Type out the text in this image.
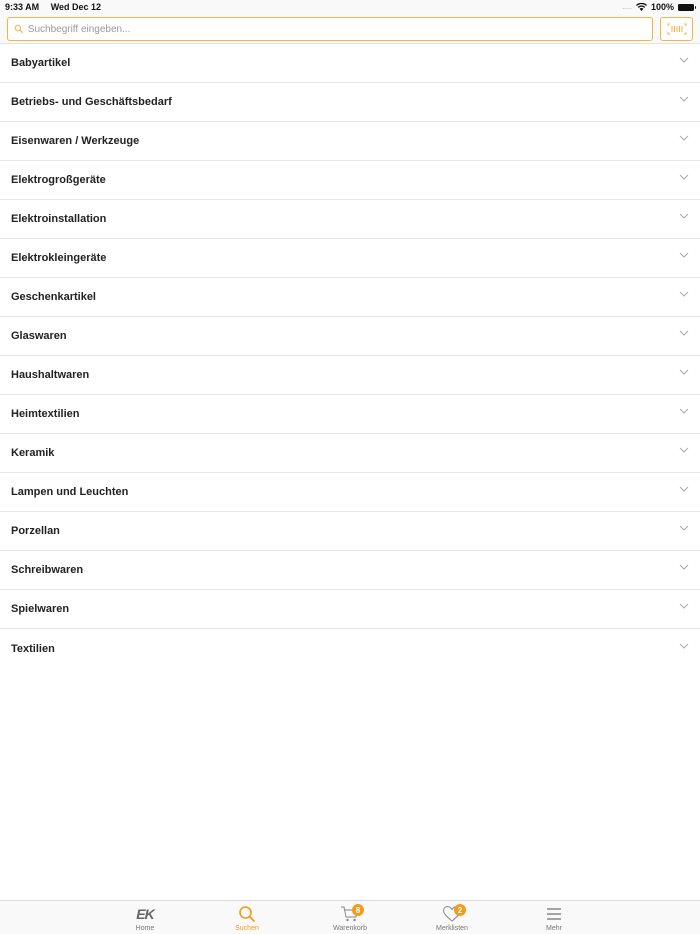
9:33 AM Wed Dec 12	..... 100%
Suchbegriff eingeben...
Babyartikel
Betriebs- und Geschäftsbedarf
Eisenwaren / Werkzeuge
Elektrogroßgeräte
Elektroinstallation
Elektrokleingeräte
Geschenkartikel
Glaswaren
Haushaltwaren
Heimtextilien
Keramik
Lampen und Leuchten
Porzellan
Schreibwaren
Spielwaren
Textilien
EK
Home	Suchen
8
Warenkorb
2
Merklisten	Mehr
